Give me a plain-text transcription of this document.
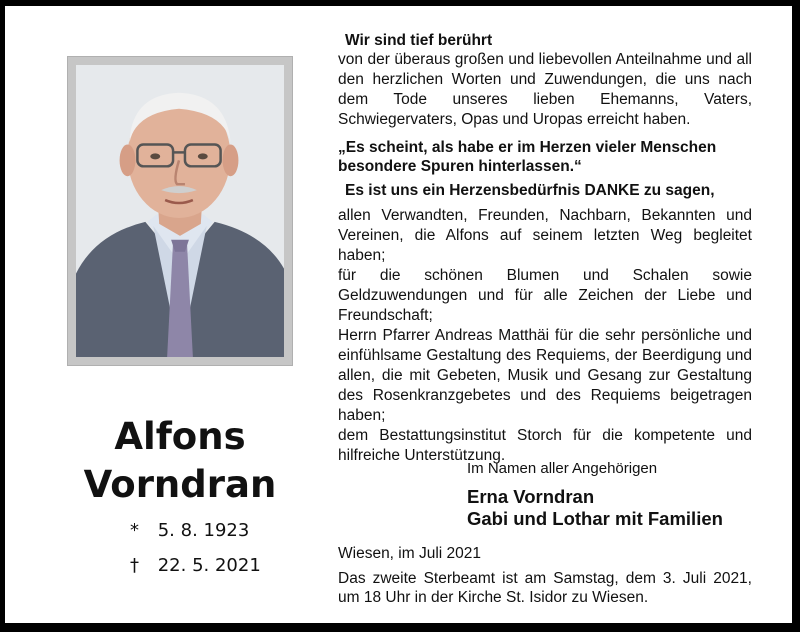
Alfons
Vorndran
* 5. 8. 1923
† 22. 5. 2021
Wir sind tief berührt
von der überaus großen und liebevollen Anteilnahme und all den herzlichen Worten und Zuwendungen, die uns nach dem Tode unseres lieben Ehemanns, Vaters, Schwiegervaters, Opas und Uropas erreicht haben.
„Es scheint, als habe er im Herzen vieler Menschen besondere Spuren hinterlassen.“
Es ist uns ein Herzensbedürfnis DANKE zu sagen,

allen Verwandten, Freunden, Nachbarn, Bekannten und Vereinen, die Alfons auf seinem letzten Weg begleitet haben;

für die schönen Blumen und Schalen sowie Geldzuwendungen und für alle Zeichen der Liebe und Freundschaft;

Herrn Pfarrer Andreas Matthäi für die sehr persönliche und einfühlsame Gestaltung des Requiems, der Beerdigung und allen, die mit Gebeten, Musik und Gesang zur Gestaltung des Rosenkranzgebetes und des Requiems beigetragen haben;

dem Bestattungsinstitut Storch für die kompetente und hilfreiche Unterstützung.

Im Namen aller Angehörigen
Erna Vorndran
Gabi und Lothar mit Familien
Wiesen, im Juli 2021
Das zweite Sterbeamt ist am Samstag, dem 3. Juli 2021, um 18 Uhr in der Kirche St. Isidor zu Wiesen.
